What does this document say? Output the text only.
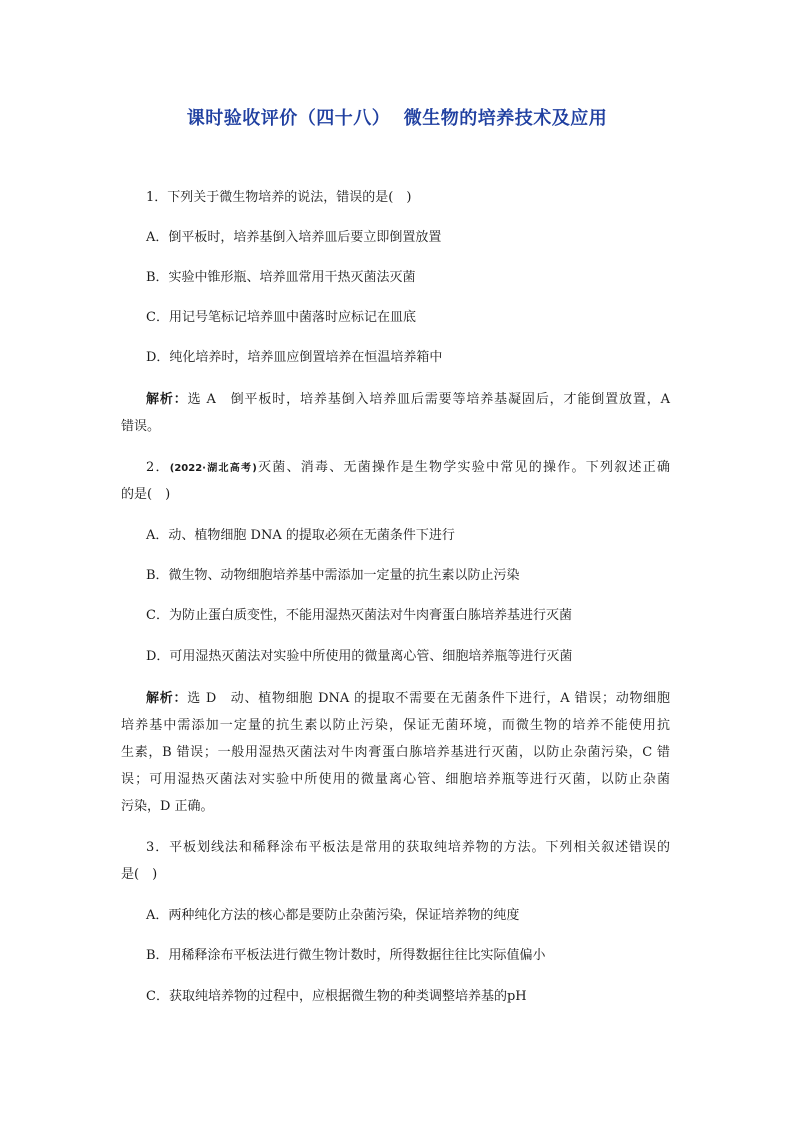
课时验收评价（四十八）  微生物的培养技术及应用
1．下列关于微生物培养的说法，错误的是(　)
A．倒平板时，培养基倒入培养皿后要立即倒置放置
B．实验中锥形瓶、培养皿常用干热灭菌法灭菌
C．用记号笔标记培养皿中菌落时应标记在皿底
D．纯化培养时，培养皿应倒置培养在恒温培养箱中
解析：选 A　倒平板时，培养基倒入培养皿后需要等培养基凝固后，才能倒置放置，A
错误。
2．(2022·湖北高考)灭菌、消毒、无菌操作是生物学实验中常见的操作。下列叙述正确
的是(　)
A．动、植物细胞 DNA 的提取必须在无菌条件下进行
B．微生物、动物细胞培养基中需添加一定量的抗生素以防止污染
C．为防止蛋白质变性，不能用湿热灭菌法对牛肉膏蛋白胨培养基进行灭菌
D．可用湿热灭菌法对实验中所使用的微量离心管、细胞培养瓶等进行灭菌
解析：选 D　动、植物细胞 DNA 的提取不需要在无菌条件下进行，A 错误；动物细胞
培养基中需添加一定量的抗生素以防止污染，保证无菌环境，而微生物的培养不能使用抗
生素，B 错误；一般用湿热灭菌法对牛肉膏蛋白胨培养基进行灭菌，以防止杂菌污染，C 错
误；可用湿热灭菌法对实验中所使用的微量离心管、细胞培养瓶等进行灭菌，以防止杂菌
污染，D 正确。
3．平板划线法和稀释涂布平板法是常用的获取纯培养物的方法。下列相关叙述错误的
是(　)
A．两种纯化方法的核心都是要防止杂菌污染，保证培养物的纯度
B．用稀释涂布平板法进行微生物计数时，所得数据往往比实际值偏小
C．获取纯培养物的过程中，应根据微生物的种类调整培养基的pH
